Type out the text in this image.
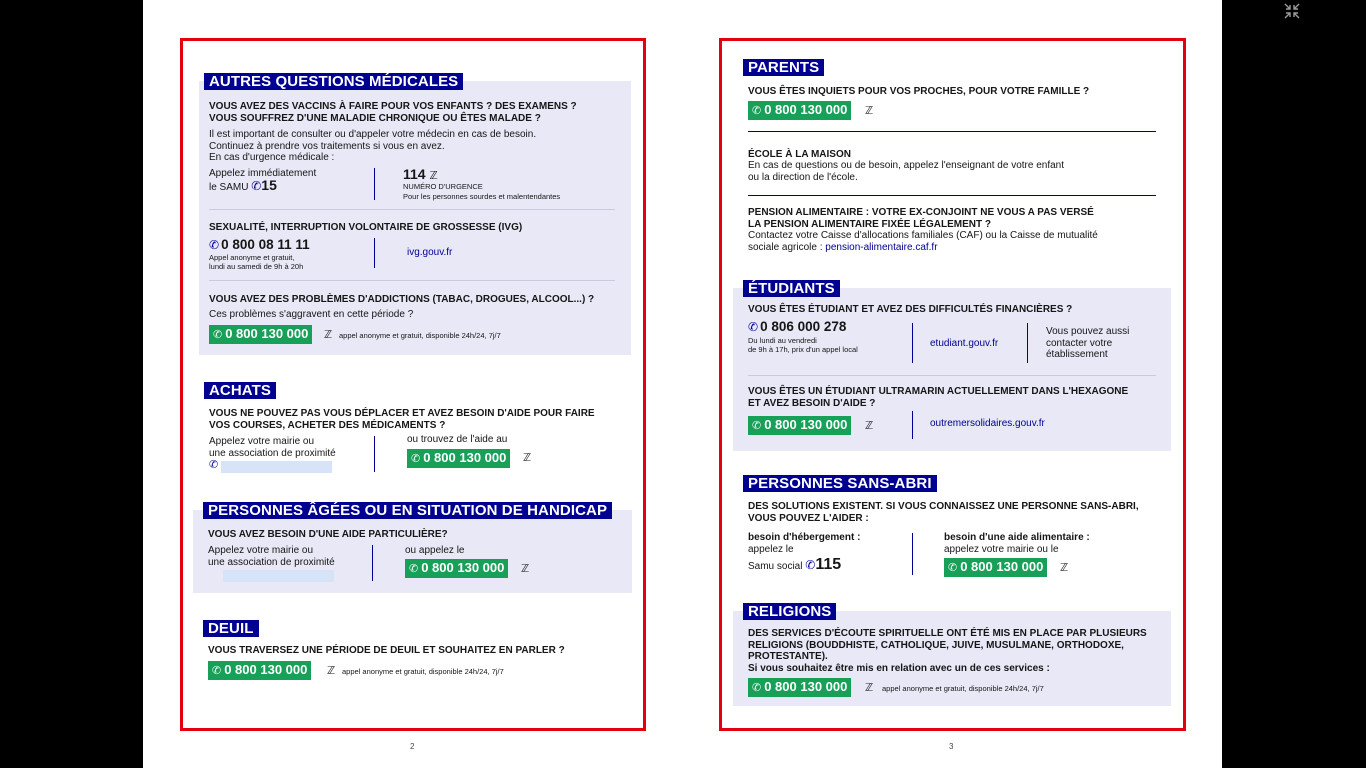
AUTRES QUESTIONS MÉDICALES
VOUS AVEZ DES VACCINS À FAIRE POUR VOS ENFANTS ? DES EXAMENS ?
VOUS SOUFFREZ D'UNE MALADIE CHRONIQUE OU ÊTES MALADE ?
Il est important de consulter ou d'appeler votre médecin en cas de besoin.
Continuez à prendre vos traitements si vous en avez.
En cas d'urgence médicale :
Appelez immédiatement
le SAMU ✆15
114 ℤ
NUMÉRO D'URGENCE
Pour les personnes sourdes et malentendantes
SEXUALITÉ, INTERRUPTION VOLONTAIRE DE GROSSESSE (IVG)
✆ 0 800 08 11 11
Appel anonyme et gratuit,
lundi au samedi de 9h à 20h
ivg.gouv.fr
VOUS AVEZ DES PROBLÈMES D'ADDICTIONS (TABAC, DROGUES, ALCOOL...) ?
Ces problèmes s'aggravent en cette période ?
✆ 0 800 130 000	ℤ appel anonyme et gratuit, disponible 24h/24, 7j/7
ACHATS
VOUS NE POUVEZ PAS VOUS DÉPLACER ET AVEZ BESOIN D'AIDE POUR FAIRE
VOS COURSES, ACHETER DES MÉDICAMENTS ?
Appelez votre mairie ou
une association de proximité
✆
ou trouvez de l'aide au
✆ 0 800 130 000	ℤ
PERSONNES ÂGÉES OU EN SITUATION DE HANDICAP
VOUS AVEZ BESOIN D'UNE AIDE PARTICULIÈRE?
Appelez votre mairie ou
une association de proximité
ou appelez le
✆ 0 800 130 000	ℤ
DEUIL
VOUS TRAVERSEZ UNE PÉRIODE DE DEUIL ET SOUHAITEZ EN PARLER ?
✆ 0 800 130 000	ℤ appel anonyme et gratuit, disponible 24h/24, 7j/7
2
PARENTS
VOUS ÊTES INQUIETS POUR VOS PROCHES, POUR VOTRE FAMILLE ?
✆ 0 800 130 000	ℤ
ÉCOLE À LA MAISON
En cas de questions ou de besoin, appelez l'enseignant de votre enfant
ou la direction de l'école.
PENSION ALIMENTAIRE : VOTRE EX-CONJOINT NE VOUS A PAS VERSÉ
LA PENSION ALIMENTAIRE FIXÉE LÉGALEMENT ?
Contactez votre Caisse d'allocations familiales (CAF) ou la Caisse de mutualité
sociale agricole : pension-alimentaire.caf.fr
ÉTUDIANTS
VOUS ÊTES ÉTUDIANT ET AVEZ DES DIFFICULTÉS FINANCIÈRES ?
✆ 0 806 000 278
Du lundi au vendredi
de 9h à 17h, prix d'un appel local
etudiant.gouv.fr
Vous pouvez aussi
contacter votre
établissement
VOUS ÊTES UN ÉTUDIANT ULTRAMARIN ACTUELLEMENT DANS L'HEXAGONE
ET AVEZ BESOIN D'AIDE ?
✆ 0 800 130 000	ℤ	outremersolidaires.gouv.fr
PERSONNES SANS-ABRI
DES SOLUTIONS EXISTENT. SI VOUS CONNAISSEZ UNE PERSONNE SANS-ABRI,
VOUS POUVEZ L'AIDER :
besoin d'hébergement :
appelez le
Samu social ✆115
besoin d'une aide alimentaire :
appelez votre mairie ou le
✆ 0 800 130 000	ℤ
RELIGIONS
DES SERVICES D'ÉCOUTE SPIRITUELLE ONT ÉTÉ MIS EN PLACE PAR PLUSIEURS
RELIGIONS (BOUDDHISTE, CATHOLIQUE, JUIVE, MUSULMANE, ORTHODOXE,
PROTESTANTE).
Si vous souhaitez être mis en relation avec un de ces services :
✆ 0 800 130 000	ℤ appel anonyme et gratuit, disponible 24h/24, 7j/7
3
